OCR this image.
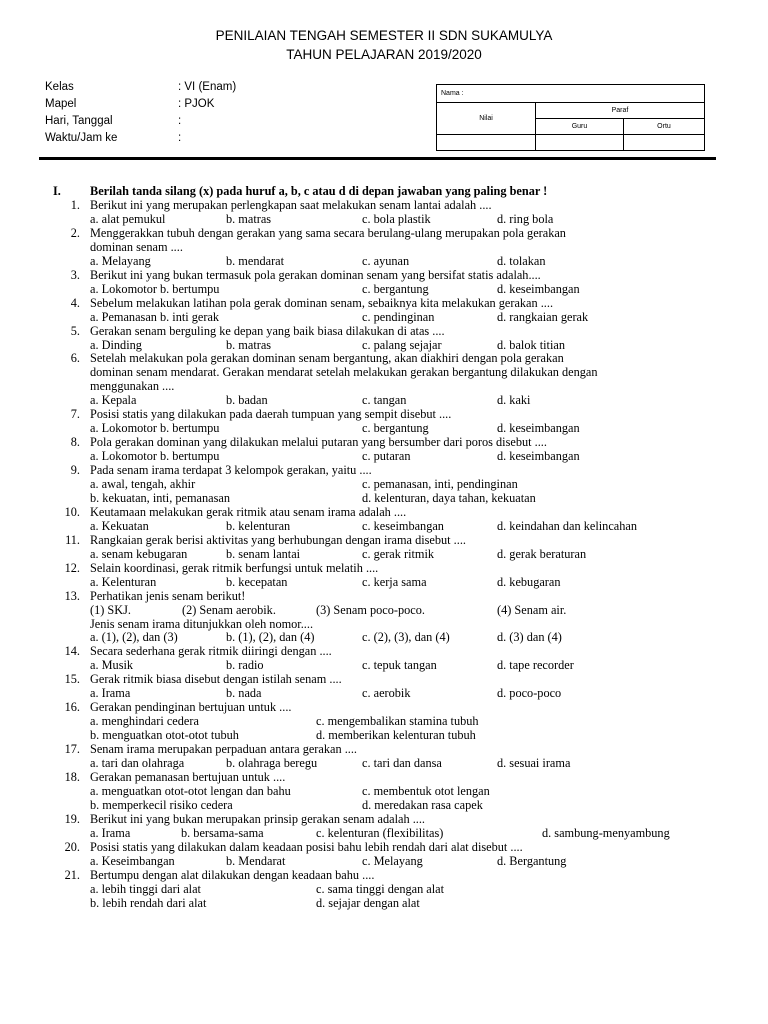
PENILAIAN TENGAH SEMESTER II SDN SUKAMULYA
TAHUN PELAJARAN 2019/2020
Kelas	: VI (Enam)
Mapel	: PJOK
Hari, Tanggal	:
Waktu/Jam ke	:
Nama :		
Nilai	Paraf	
	Guru	Ortu

I. Berilah tanda silang (x) pada huruf a, b, c atau d di depan jawaban yang paling benar !
1. Berikut ini yang merupakan perlengkapan saat melakukan senam lantai adalah ....
a. alat pemukul	b. matras	c. bola plastik	d. ring bola
2. Menggerakkan tubuh dengan gerakan yang sama secara berulang-ulang merupakan pola gerakan
dominan senam ....
a. Melayang	b. mendarat	c. ayunan	d. tolakan
3. Berikut ini yang bukan termasuk pola gerakan dominan senam yang bersifat statis adalah....
a. Lokomotor b. bertumpu	c. bergantung	d. keseimbangan
4. Sebelum melakukan latihan pola gerak dominan senam, sebaiknya kita melakukan gerakan ....
a. Pemanasan b. inti gerak	c. pendinginan	d. rangkaian gerak
5. Gerakan senam berguling ke depan yang baik biasa dilakukan di atas ....
a. Dinding	b. matras	c. palang sejajar	d. balok titian
6. Setelah melakukan pola gerakan dominan senam bergantung, akan diakhiri dengan pola gerakan
dominan senam mendarat. Gerakan mendarat setelah melakukan gerakan bergantung dilakukan dengan
menggunakan ....
a. Kepala	b. badan	c. tangan	d. kaki
7. Posisi statis yang dilakukan pada daerah tumpuan yang sempit disebut ....
a. Lokomotor b. bertumpu	c. bergantung	d. keseimbangan
8. Pola gerakan dominan yang dilakukan melalui putaran yang bersumber dari poros disebut ....
a. Lokomotor b. bertumpu	c. putaran	d. keseimbangan
9. Pada senam irama terdapat 3 kelompok gerakan, yaitu ....
a. awal, tengah, akhir	c. pemanasan, inti, pendinginan
b. kekuatan, inti, pemanasan	d. kelenturan, daya tahan, kekuatan
10. Keutamaan melakukan gerak ritmik atau senam irama adalah ....
a. Kekuatan	b. kelenturan	c. keseimbangan	d. keindahan dan kelincahan
11. Rangkaian gerak berisi aktivitas yang berhubungan dengan irama disebut ....
a. senam kebugaran	b. senam lantai	c. gerak ritmik	d. gerak beraturan
12. Selain koordinasi, gerak ritmik berfungsi untuk melatih ....
a. Kelenturan	b. kecepatan	c. kerja sama	d. kebugaran
13. Perhatikan jenis senam berikut!
(1) SKJ.	(2) Senam aerobik.	(3) Senam poco-poco.	(4) Senam air.
Jenis senam irama ditunjukkan oleh nomor....
a. (1), (2), dan (3)	b. (1), (2), dan (4)	c. (2), (3), dan (4)	d. (3) dan (4)
14. Secara sederhana gerak ritmik diiringi dengan ....
a. Musik	b. radio	c. tepuk tangan	d. tape recorder
15. Gerak ritmik biasa disebut dengan istilah senam ....
a. Irama	b. nada	c. aerobik	d. poco-poco
16. Gerakan pendinginan bertujuan untuk ....
a. menghindari cedera	c. mengembalikan stamina tubuh
b. menguatkan otot-otot tubuh	d. memberikan kelenturan tubuh
17. Senam irama merupakan perpaduan antara gerakan ....
a. tari dan olahraga	b. olahraga beregu	c. tari dan dansa	d. sesuai irama
18. Gerakan pemanasan bertujuan untuk ....
a. menguatkan otot-otot lengan dan bahu	c. membentuk otot lengan
b. memperkecil risiko cedera	d. meredakan rasa capek
19. Berikut ini yang bukan merupakan prinsip gerakan senam adalah ....
a. Irama	b. bersama-sama	c. kelenturan (flexibilitas)	d. sambung-menyambung
20. Posisi statis yang dilakukan dalam keadaan posisi bahu lebih rendah dari alat disebut ....
a. Keseimbangan	b. Mendarat	c. Melayang	d. Bergantung
21. Bertumpu dengan alat dilakukan dengan keadaan bahu ....
a. lebih tinggi dari alat	c. sama tinggi dengan alat
b. lebih rendah dari alat	d. sejajar dengan alat
